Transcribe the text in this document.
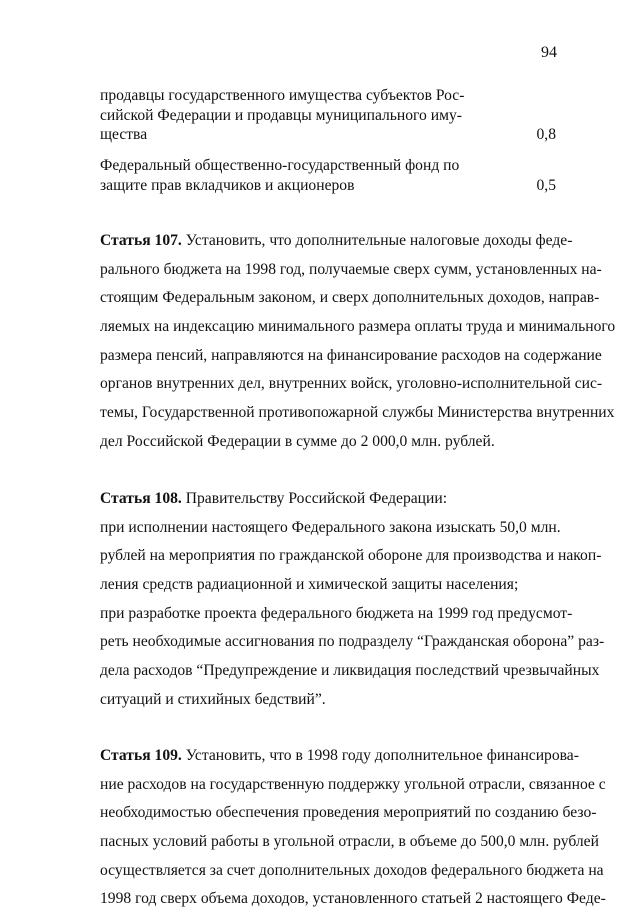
94
продавцы государственного имущества субъектов Рос-
сийской Федерации и продавцы муниципального иму-
щества	0,8
Федеральный общественно-государственный фонд по
защите прав вкладчиков и акционеров	0,5
Статья 107. Установить, что дополнительные налоговые доходы феде-
рального бюджета на 1998 год, получаемые сверх сумм, установленных на-
стоящим Федеральным законом, и сверх дополнительных доходов, направ-
ляемых на индексацию минимального размера оплаты труда и минимального
размера пенсий, направляются на финансирование расходов на содержание
органов внутренних дел, внутренних войск, уголовно-исполнительной сис-
темы, Государственной противопожарной службы Министерства внутренних
дел Российской Федерации в сумме до 2 000,0 млн. рублей.
Статья 108. Правительству Российской Федерации:
при исполнении настоящего Федерального закона изыскать 50,0 млн.
рублей на мероприятия по гражданской обороне для производства и накоп-
ления средств радиационной и химической защиты населения;
при разработке проекта федерального бюджета на 1999 год предусмот-
реть необходимые ассигнования по подразделу “Гражданская оборона” раз-
дела расходов “Предупреждение и ликвидация последствий чрезвычайных
ситуаций и стихийных бедствий”.
Статья 109. Установить, что в 1998 году дополнительное финансирова-
ние расходов на государственную поддержку угольной отрасли, связанное с
необходимостью обеспечения проведения мероприятий по созданию безо-
пасных условий работы в угольной отрасли, в объеме до 500,0 млн. рублей
осуществляется за счет дополнительных доходов федерального бюджета на
1998 год сверх объема доходов, установленного статьей 2 настоящего Феде-
